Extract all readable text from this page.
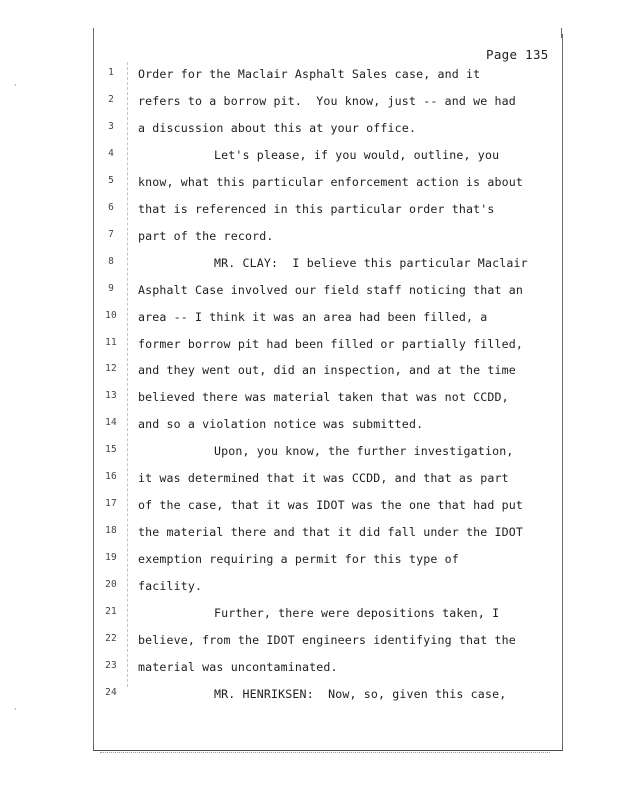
⸳
⸳
Page 135
1	Order for the Maclair Asphalt Sales case, and it
2	refers to a borrow pit.  You know, just -- and we had
3	a discussion about this at your office.
4	Let's please, if you would, outline, you
5	know, what this particular enforcement action is about
6	that is referenced in this particular order that's
7	part of the record.
8	MR. CLAY:  I believe this particular Maclair
9	Asphalt Case involved our field staff noticing that an
10	area -- I think it was an area had been filled, a
11	former borrow pit had been filled or partially filled,
12	and they went out, did an inspection, and at the time
13	believed there was material taken that was not CCDD,
14	and so a violation notice was submitted.
15	Upon, you know, the further investigation,
16	it was determined that it was CCDD, and that as part
17	of the case, that it was IDOT was the one that had put
18	the material there and that it did fall under the IDOT
19	exemption requiring a permit for this type of
20	facility.
21	Further, there were depositions taken, I
22	believe, from the IDOT engineers identifying that the
23	material was uncontaminated.
24	MR. HENRIKSEN:  Now, so, given this case,
